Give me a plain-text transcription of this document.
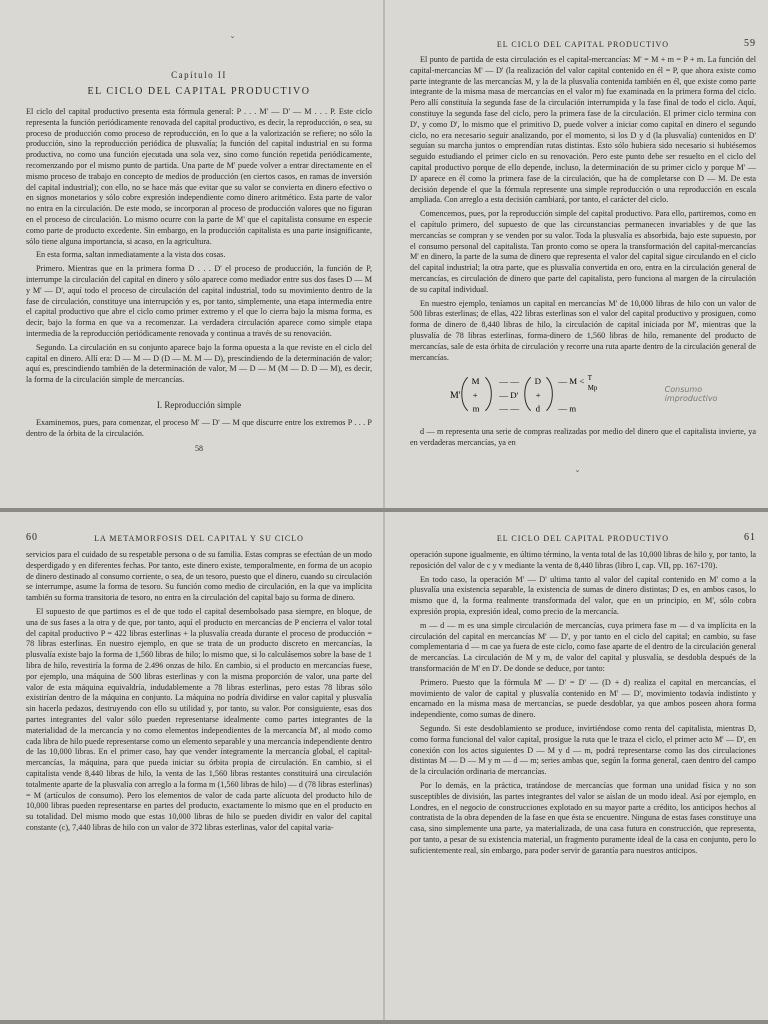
Capítulo II
EL CICLO DEL CAPITAL PRODUCTIVO

El ciclo del capital productivo presenta esta fórmula general: P . . . M' — D' — M . . . P. Este ciclo representa la función periódicamente renovada del capital productivo, es decir, la reproducción, o sea, su proceso de producción como proceso de reproducción, en lo que a la valorización se refiere; no sólo la producción, sino la reproducción periódica de plusvalía; la función del capital industrial en su forma productiva, no como una función ejecutada una sola vez, sino como función repetida periódicamente, recomenzando por el mismo punto de partida. Una parte de M' puede volver a entrar directamente en el mismo proceso de trabajo en concepto de medios de producción (en ciertos casos, en ramas de inversión del capital industrial); con ello, no se hace más que evitar que su valor se convierta en dinero efectivo o en signos monetarios y sólo cobre expresión independiente como dinero aritmético. Esta parte de valor no entra en la circulación. De este modo, se incorporan al proceso de producción valores que no figuran en el proceso de circulación. Lo mismo ocurre con la parte de M' que el capitalista consume en especie como parte de producto excedente. Sin embargo, en la producción capitalista es una parte insignificante, sólo tiene alguna importancia, si acaso, en la agricultura.

En esta forma, saltan inmediatamente a la vista dos cosas.

Primero. Mientras que en la primera forma D . . . D' el proceso de producción, la función de P, interrumpe la circulación del capital en dinero y sólo aparece como mediador entre sus dos fases D — M y M' — D', aquí todo el proceso de circulación del capital industrial, todo su movimiento dentro de la fase de circulación, constituye una interrupción y es, por tanto, simplemente, una etapa intermedia entre el capital productivo que abre el ciclo como primer extremo y el que lo cierra bajo la misma forma, es decir, bajo la forma en que va a recomenzar. La verdadera circulación aparece como simple etapa intermedia de la reproducción periódicamente renovada y continua a través de su renovación.

Segundo. La circulación en su conjunto aparece bajo la forma opuesta a la que reviste en el ciclo del capital en dinero. Allí era: D — M — D (D — M. M — D), prescindiendo de la determinación de valor; aquí es, prescindiendo también de la determinación de valor, M — D — M (M — D. D — M), es decir, la forma de la circulación simple de mercancías.

I. Reproducción simple

Examinemos, pues, para comenzar, el proceso M' — D' — M que discurre entre los extremos P . . . P dentro de la órbita de la circulación.

58
EL CICLO DEL CAPITAL PRODUCTIVO	59

El punto de partida de esta circulación es el capital-mercancías: M' = M + m = P + m. La función del capital-mercancías M' — D' (la realización del valor capital contenido en él = P, que ahora existe como parte integrante de las mercancías M, y la de la plusvalía contenida también en él, que existe como parte integrante de la misma masa de mercancías en el valor m) fue examinada en la primera forma del ciclo. Pero allí constituía la segunda fase de la circulación interrumpida y la fase final de todo el ciclo. Aquí, constituye la segunda fase del ciclo, pero la primera fase de la circulación. El primer ciclo termina con D', y como D', lo mismo que el primitivo D, puede volver a iniciar como capital en dinero el segundo ciclo, no era necesario seguir analizando, por el momento, si los D y d (la plusvalía) contenidos en D' seguían su marcha juntos o emprendían rutas distintas. Esto sólo hubiera sido necesario si hubiésemos seguido estudiando el primer ciclo en su renovación. Pero este punto debe ser resuelto en el ciclo del capital productivo porque de ello depende, incluso, la determinación de su primer ciclo y porque M' — D' aparece en él como la primera fase de la circulación, que ha de completarse con D — M. De esta decisión depende el que la fórmula represente una simple reproducción o una reproducción en escala ampliada. Con arreglo a esta decisión cambiará, por tanto, el carácter del ciclo.

Comencemos, pues, por la reproducción simple del capital productivo. Para ello, partiremos, como en el capítulo primero, del supuesto de que las circunstancias permanecen invariables y de que las mercancías se compran y se venden por su valor. Toda la plusvalía es absorbida, bajo este supuesto, por el consumo personal del capitalista. Tan pronto como se opera la transformación del capital-mercancías M' en dinero, la parte de la suma de dinero que representa el valor del capital sigue circulando en el ciclo del capital industrial; la otra parte, que es plusvalía convertida en oro, entra en la circulación general de mercancías, es circulación de dinero que parte del capitalista, pero funciona al margen de la circulación de su capital individual.

En nuestro ejemplo, teníamos un capital en mercancías M' de 10,000 libras de hilo con un valor de 500 libras esterlinas; de ellas, 422 libras esterlinas son el valor del capital productivo y prosiguen, como forma de dinero de 8,440 libras de hilo, la circulación de capital iniciada por M', mientras que la plusvalía de 78 libras esterlinas, forma-dinero de 1,560 libras de hilo, remanente del producto de mercancías, sale de esta órbita de circulación y recorre una ruta aparte dentro de la circulación general de mercancías.

M'
M
+
m
— —
— D'
— —
D
+
d
— M < T
Mp
— m
Consumo improductivo

d — m representa una serie de compras realizadas por medio del dinero que el capitalista invierte, ya en verdaderas mercancías, ya en

ˇ
ˇ
60	LA METAMORFOSIS DEL CAPITAL Y SU CICLO

servicios para el cuidado de su respetable persona o de su familia. Estas compras se efectúan de un modo desperdigado y en diferentes fechas. Por tanto, este dinero existe, temporalmente, en forma de un acopio de dinero destinado al consumo corriente, o sea, de un tesoro, puesto que el dinero, cuando su circulación se interrumpe, asume la forma de tesoro. Su función como medio de circulación, en la que va implícita también su forma transitoria de tesoro, no entra en la circulación del capital bajo su forma de dinero.

El supuesto de que partimos es el de que todo el capital desembolsado pasa siempre, en bloque, de una de sus fases a la otra y de que, por tanto, aquí el producto en mercancías de P encierra el valor total del capital productivo P = 422 libras esterlinas + la plusvalía creada durante el proceso de producción = 78 libras esterlinas. En nuestro ejemplo, en que se trata de un producto discreto en mercancías, la plusvalía existe bajo la forma de 1,560 libras de hilo; lo mismo que, si lo calculásemos sobre la base de 1 libra de hilo, revestiría la forma de 2.496 onzas de hilo. En cambio, si el producto en mercancías fuese, por ejemplo, una máquina de 500 libras esterlinas y con la misma proporción de valor, una parte del valor de esta máquina equivaldría, indudablemente a 78 libras esterlinas, pero estas 78 libras sólo existirían dentro de la máquina en conjunto. La máquina no podría dividirse en valor capital y plusvalía sin hacerla pedazos, destruyendo con ello su utilidad y, por tanto, su valor. Por consiguiente, esas dos partes integrantes del valor sólo pueden representarse idealmente como partes integrantes de la materialidad de la mercancía y no como elementos independientes de la mercancía M', al modo como cada libra de hilo puede representarse como un elemento separable y una mercancía independiente dentro de las 10,000 libras. En el primer caso, hay que vender íntegramente la mercancía global, el capital-mercancías, la máquina, para que pueda iniciar su órbita propia de circulación. En cambio, si el capitalista vende 8,440 libras de hilo, la venta de las 1,560 libras restantes constituirá una circulación totalmente aparte de la plusvalía con arreglo a la forma m (1,560 libras de hilo) — d (78 libras esterlinas) = M (artículos de consumo). Pero los elementos de valor de cada parte alícuota del producto hilo de 10,000 libras pueden representarse en partes del producto, exactamente lo mismo que en el producto en su totalidad. Del mismo modo que estas 10,000 libras de hilo se pueden dividir en valor del capital constante (c), 7,440 libras de hilo con un valor de 372 libras esterlinas, valor del capital varia-

EL CICLO DEL CAPITAL PRODUCTIVO	61

operación supone igualmente, en último término, la venta total de las 10,000 libras de hilo y, por tanto, la reposición del valor de c y v mediante la venta de 8,440 libras (libro I, cap. VII, pp. 167-170).

En todo caso, la operación M' — D' ultima tanto al valor del capital contenido en M' como a la plusvalía una existencia separable, la existencia de sumas de dinero distintas; D es, en ambos casos, lo mismo que d, la forma realmente transformada del valor, que en un principio, en M', sólo cobra expresión propia, expresión ideal, como precio de la mercancía.

m — d — m es una simple circulación de mercancías, cuya primera fase m — d va implícita en la circulación del capital en mercancías M' — D', y por tanto en el ciclo del capital; en cambio, su fase complementaria d — m cae ya fuera de este ciclo, como fase aparte de el dentro de la circulación general de mercancías. La circulación de M y m, de valor del capital y plusvalía, se desdobla después de la transformación de M' en D'. De donde se deduce, por tanto:

Primero. Puesto que la fórmula M' — D' = D' — (D + d) realiza el capital en mercancías, el movimiento de valor de capital y plusvalía contenido en M' — D', movimiento todavía indistinto y encarnado en la misma masa de mercancías, se puede desdoblar, ya que ambos poseen ahora forma independiente, como sumas de dinero.

Segundo. Si este desdoblamiento se produce, invirtiéndose como renta del capitalista, mientras D, como forma funcional del valor capital, prosigue la ruta que le traza el ciclo, el primer acto M' — D', en conexión con los actos siguientes D — M y d — m, podrá representarse como las dos circulaciones distintas M — D — M y m — d — m; series ambas que, según la forma general, caen dentro del campo de la circulación ordinaria de mercancías.

Por lo demás, en la práctica, tratándose de mercancías que forman una unidad física y no son susceptibles de división, las partes integrantes del valor se aíslan de un modo ideal. Así por ejemplo, en Londres, en el negocio de construcciones explotado en su mayor parte a crédito, los anticipos hechos al contratista de la obra dependen de la fase en que ésta se encuentre. Ninguna de estas fases constituye una casa, sino simplemente una parte, ya materializada, de una casa futura en construcción, que representa, por tanto, a pesar de su existencia material, un fragmento puramente ideal de la casa en conjunto, pero lo suficientemente real, sin embargo, para poder servir de garantía para nuestros anticipos.
